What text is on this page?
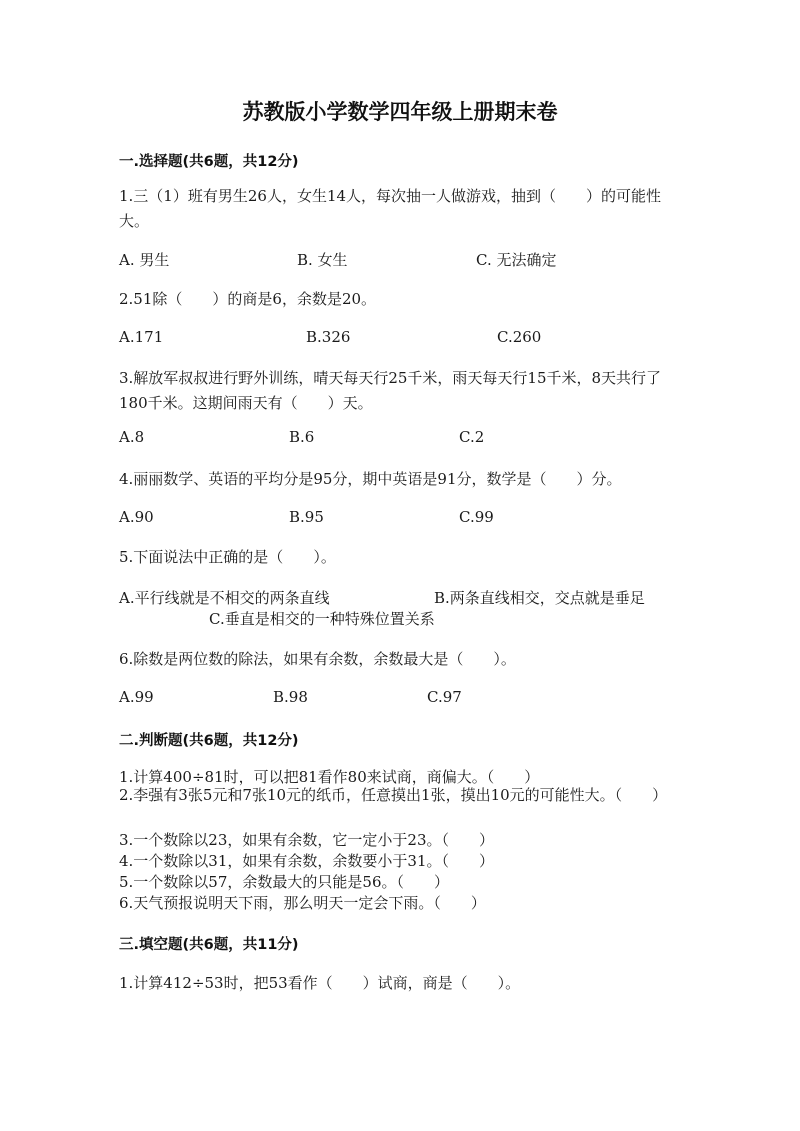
苏教版小学数学四年级上册期末卷
一.选择题(共6题，共12分)
1.三（1）班有男生26人，女生14人，每次抽一人做游戏，抽到（　　）的可能性大。
A. 男生	B. 女生	C. 无法确定
2.51除（　　）的商是6，余数是20。
A.171	B.326	C.260
3.解放军叔叔进行野外训练，晴天每天行25千米，雨天每天行15千米，8天共行了180千米。这期间雨天有（　　）天。
A.8	B.6	C.2
4.丽丽数学、英语的平均分是95分，期中英语是91分，数学是（　　）分。
A.90	B.95	C.99
5.下面说法中正确的是（　　）。
A.平行线就是不相交的两条直线	B.两条直线相交，交点就是垂足
C.垂直是相交的一种特殊位置关系
6.除数是两位数的除法，如果有余数，余数最大是（　　）。
A.99	B.98	C.97
二.判断题(共6题，共12分)
1.计算400÷81时，可以把81看作80来试商，商偏大。（　　）
2.李强有3张5元和7张10元的纸币，任意摸出1张，摸出10元的可能性大。（　　）
3.一个数除以23，如果有余数，它一定小于23。（　　）
4.一个数除以31，如果有余数，余数要小于31。（　　）
5.一个数除以57，余数最大的只能是56。（　　）
6.天气预报说明天下雨，那么明天一定会下雨。（　　）
三.填空题(共6题，共11分)
1.计算412÷53时，把53看作（　　）试商，商是（　　）。
